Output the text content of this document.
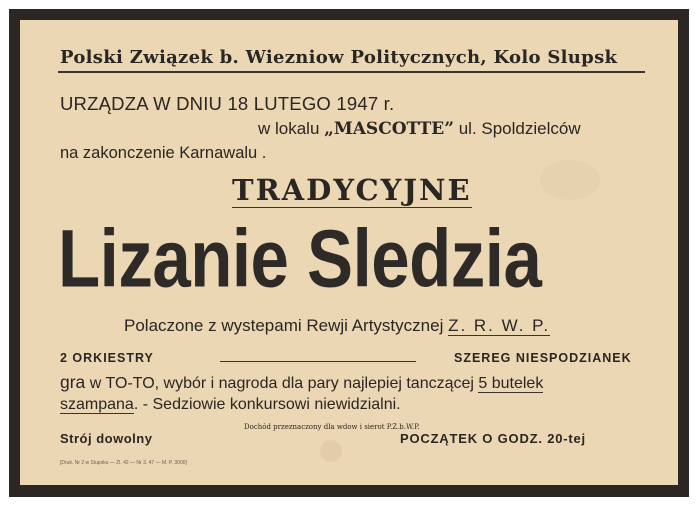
Polski Związek b. Wiezniow Politycznych, Kolo Slupsk
URZĄDZA W DNIU 18 LUTEGO 1947 r.
w lokalu „MASCOTTE” ul. Spoldzielców
na zakonczenie Karnawalu .
TRADYCYJNE
Lizanie Sledzia
Polaczone z wystepami Rewji Artystycznej Z. R. W. P.
2 ORKIESTRY	SZEREG NIESPODZIANEK
gra w TO-TO, wybór i nagroda dla pary najlepiej tanczącej 5 butelek
szampana. - Sedziowie konkursowi niewidzialni.
Dochód przeznaczony dla wdow i sierot P.Z.b.W.P.
Strój dowolny	POCZĄTEK O GODZ. 20-tej
[Druk. Nr 2 w Slupsku — Zl. 42 — Nr 3. 47 — M. P. 3000]
